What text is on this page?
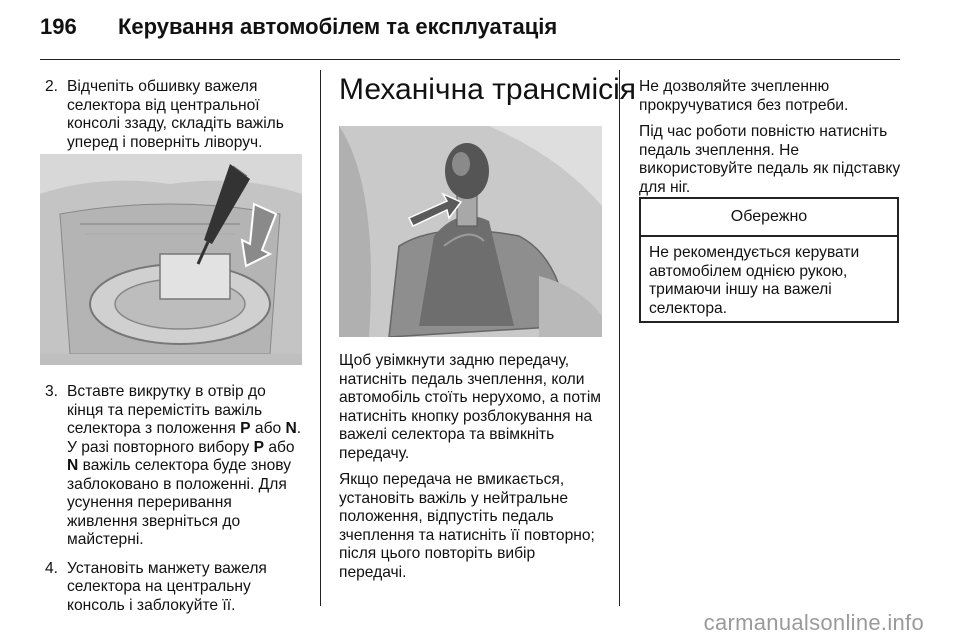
196 Керування автомобілем та експлуатація
2. Відчепіть обшивку важеля селектора від центральної консолі ззаду, складіть важіль уперед і поверніть ліворуч.
3. Вставте викрутку в отвір до кінця та перемістіть важіль селектора з положення P або N. У разі повторного вибору P або N важіль селектора буде знову заблоковано в положенні. Для усунення переривання живлення зверніться до майстерні.
4. Установіть манжету важеля селектора на центральну консоль і заблокуйте її.
Механічна трансмісія

Щоб увімкнути задню передачу, натисніть педаль зчеплення, коли автомобіль стоїть нерухомо, а потім натисніть кнопку розблокування на важелі селектора та ввімкніть передачу.

Якщо передача не вмикається, установіть важіль у нейтральне положення, відпустіть педаль зчеплення та натисніть її повторно; після цього повторіть вибір передачі.

Не дозволяйте зчепленню прокручуватися без потреби.

Під час роботи повністю натисніть педаль зчеплення. Не використовуйте педаль як підставку для ніг.

Обережно
Не рекомендується керувати автомобілем однією рукою, тримаючи іншу на важелі селектора.
carmanualsonline.info
